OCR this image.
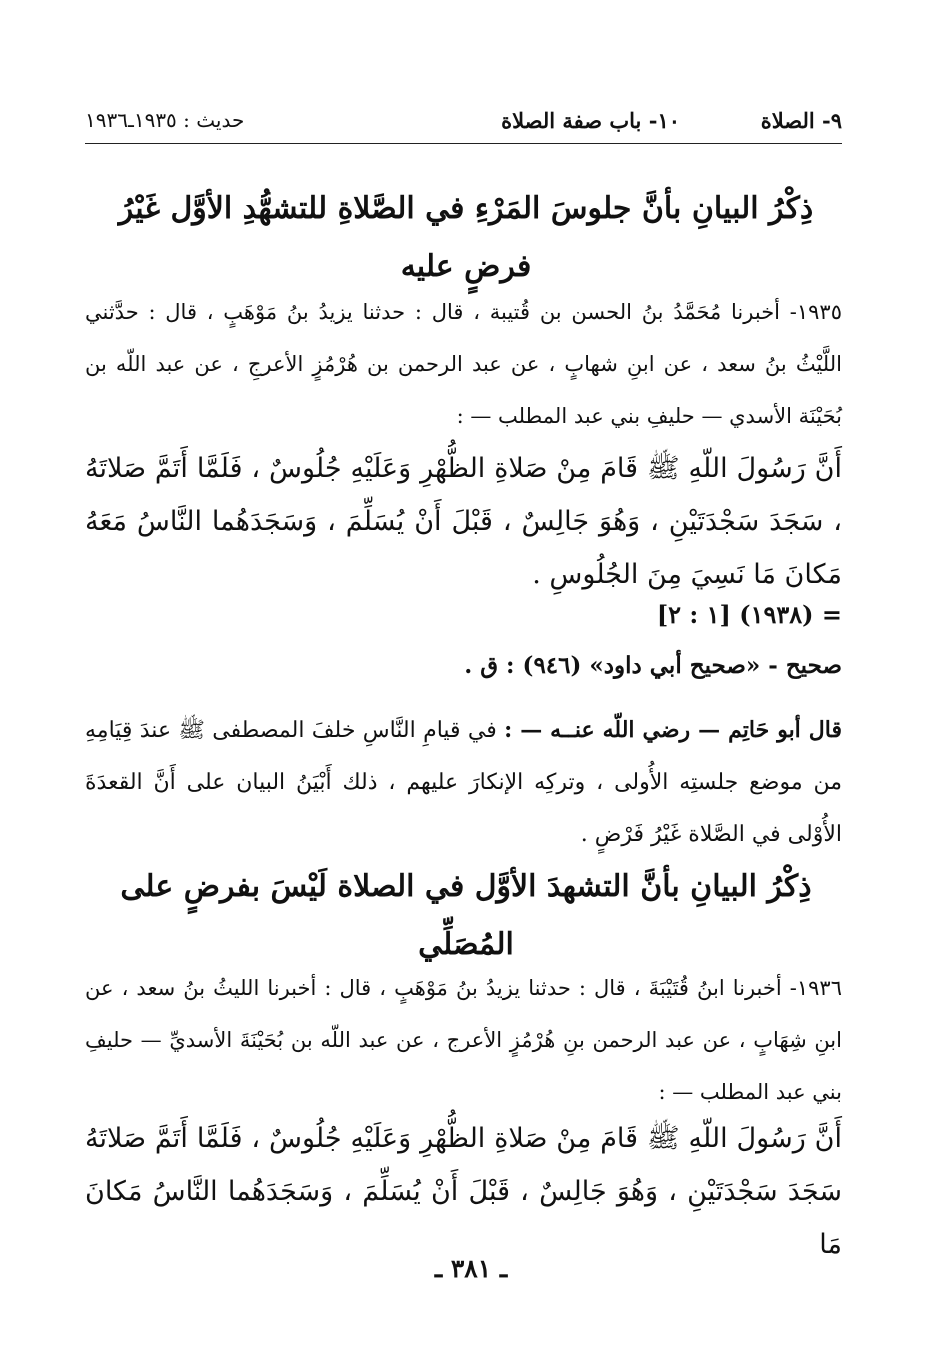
٩- الصلاة
١٠- باب صفة الصلاة
حديث : ١٩٣٥ـ١٩٣٦
ذِكْرُ البيانِ بأنَّ جلوسَ المَرْءِ في الصَّلاةِ للتشهُّدِ الأوَّل غَيْرُ فرضٍ عليه

١٩٣٥- أخبرنا مُحَمَّدُ بنُ الحسن بن قُتيبة ، قال : حدثنا يزيدُ بنُ مَوْهَبٍ ، قال : حدَّثني اللَّيْثُ بنُ سعد ، عن ابنِ شهابٍ ، عن عبد الرحمن بن هُرْمُزٍ الأعرجِ ، عن عبد اللّه بن بُحَيْنَة الأسدي — حليفِ بني عبد المطلب — :

أَنَّ رَسُولَ اللّهِ ﷺ قَامَ مِنْ صَلاةِ الظُّهْرِ وَعَلَيْهِ جُلُوسٌ ، فَلَمَّا أَتَمَّ صَلاتَهُ ، سَجَدَ سَجْدَتَيْنِ ، وَهُوَ جَالِسٌ ، قَبْلَ أَنْ يُسَلِّمَ ، وَسَجَدَهُما النَّاسُ مَعَهُ مَكانَ مَا نَسِيَ مِنَ الجُلُوسِ .

= (١٩٣٨) [١ : ٢]

صحيح - «صحيح أبي داود» (٩٤٦) : ق .

قال أبو حَاتِم — رضي اللّه عنــه — : في قيامِ النَّاسِ خلفَ المصطفى ﷺ عندَ قِيَامِهِ من موضع جلستِه الأُولى ، وتركِه الإنكارَ عليهم ، ذلك أَبْيَنُ البيان على أَنَّ القعدَةَ الأُوْلى في الصَّلاة غَيْرُ فَرْضٍ .

ذِكْرُ البيانِ بأنَّ التشهدَ الأوَّل في الصلاة لَيْسَ بفرضٍ على المُصَلِّي

١٩٣٦- أخبرنا ابنُ قُتَيْبَةَ ، قال : حدثنا يزيدُ بنُ مَوْهَبٍ ، قال : أخبرنا الليثُ بنُ سعد ، عن ابنِ شِهَابٍ ، عن عبد الرحمن بنِ هُرْمُزٍ الأعرج ، عن عبد اللّه بن بُحَيْنَةَ الأسديِّ — حليفِ بني عبد المطلب — :

أَنَّ رَسُولَ اللّهِ ﷺ قَامَ مِنْ صَلاةِ الظُّهْرِ وَعَلَيْهِ جُلُوسٌ ، فَلَمَّا أَتَمَّ صَلاتَهُ سَجَدَ سَجْدَتَيْنِ ، وَهُوَ جَالِسٌ ، قَبْلَ أَنْ يُسَلِّمَ ، وَسَجَدَهُما النَّاسُ مَكانَ مَا

ـ ٣٨١ ـ
